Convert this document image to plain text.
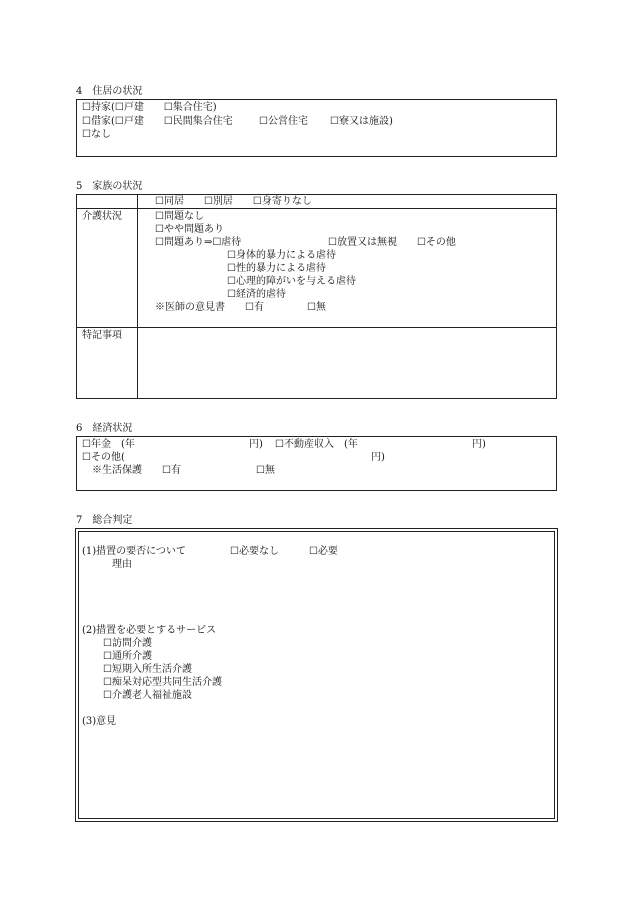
4　住居の状況
☐持家(☐戸建　　☐集合住宅)
☐借家(☐戸建　　☐民間集合住宅	☐公営住宅 ☐寮又は施設)
☐なし
5　家族の状況
☐同居　　☐別居　　☐身寄りなし
介護状況	☐問題なし
☐やや問題あり
☐問題あり⇒☐虐待	☐放置又は無視　　☐その他
☐身体的暴力による虐待
☐性的暴力による虐待
☐心理的障がいを与える虐待
☐経済的虐待
※医師の意見書　　☐有	☐無
特記事項
6　経済状況
☐年金　(年	円) ☐不動産収入　(年	円)
☐その他(	円)
※生活保護　　☐有	☐無
7　総合判定
(1)措置の要否について	☐必要なし　　　☐必要
理由
(2)措置を必要とするサービス
☐訪問介護
☐通所介護
☐短期入所生活介護
☐痴呆対応型共同生活介護
☐介護老人福祉施設
(3)意見
